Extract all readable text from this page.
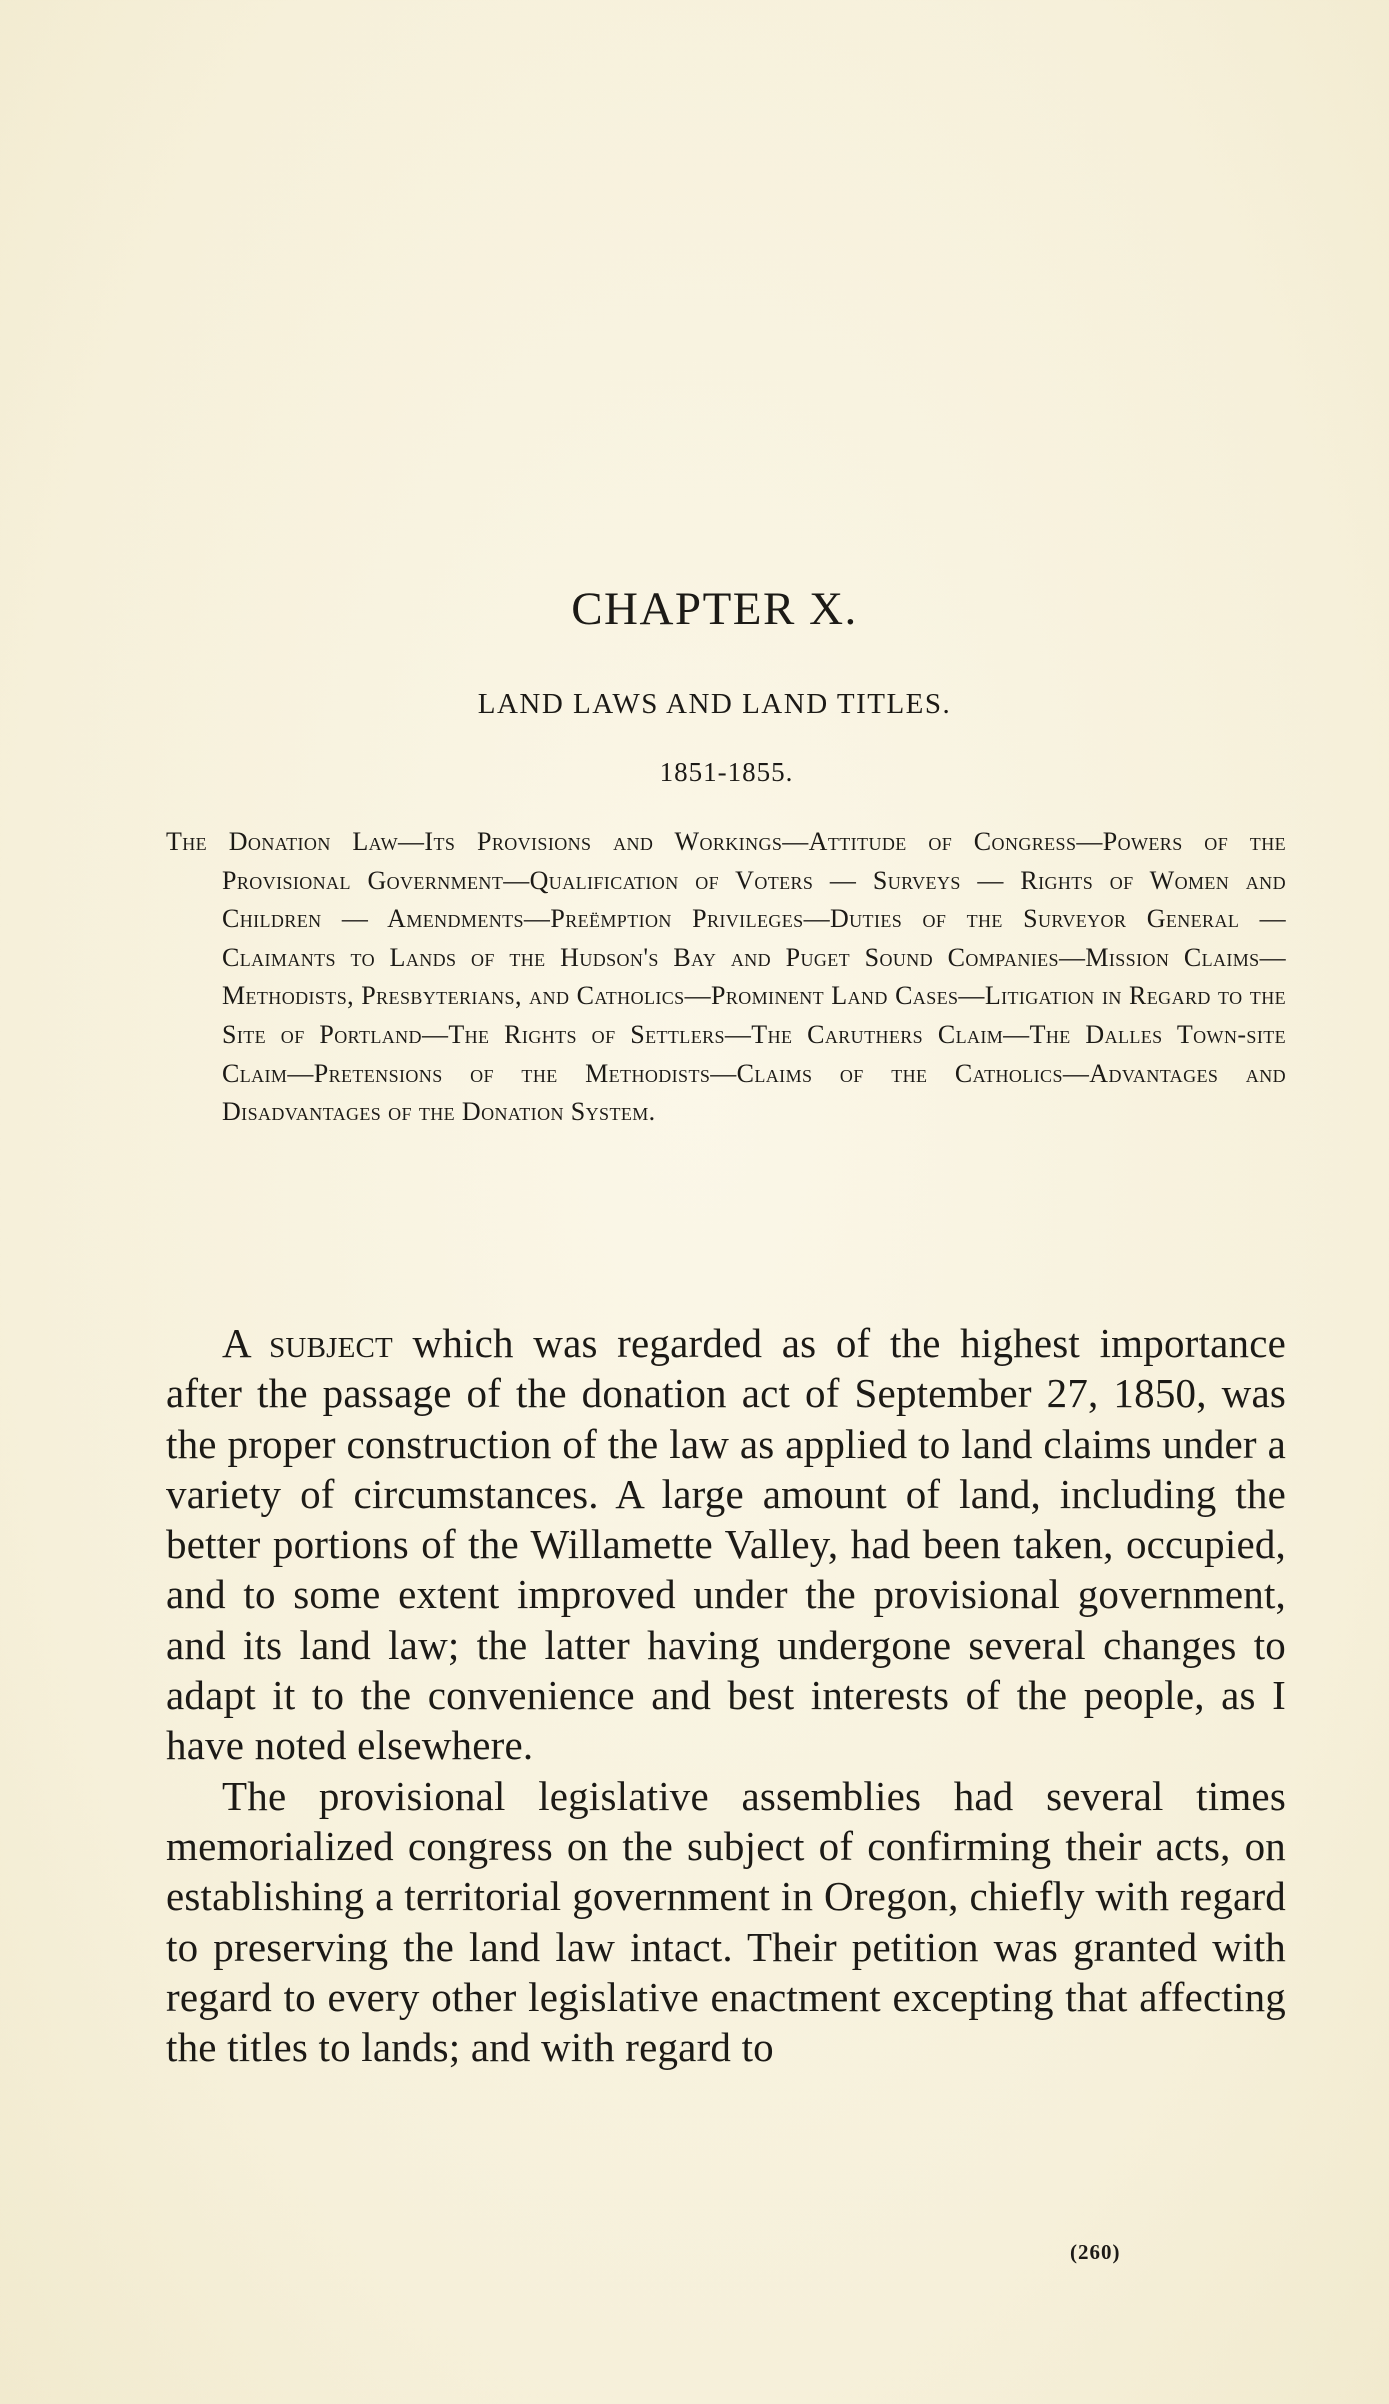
CHAPTER X.
LAND LAWS AND LAND TITLES.
1851-1855.
The Donation Law—Its Provisions and Workings—Attitude of Congress—Powers of the Provisional Government—Qualification of Voters — Surveys — Rights of Women and Children — Amendments—Preëmption Privileges—Duties of the Surveyor General —Claimants to Lands of the Hudson's Bay and Puget Sound Companies—Mission Claims—Methodists, Presbyterians, and Catholics—Prominent Land Cases—Litigation in Regard to the Site of Portland—The Rights of Settlers—The Caruthers Claim—The Dalles Town-site Claim—Pretensions of the Methodists—Claims of the Catholics—Advantages and Disadvantages of the Donation System.

A subject which was regarded as of the highest importance after the passage of the donation act of September 27, 1850, was the proper construction of the law as applied to land claims under a variety of circumstances. A large amount of land, including the better portions of the Willamette Valley, had been taken, occupied, and to some extent improved under the provisional government, and its land law; the latter having undergone several changes to adapt it to the convenience and best interests of the people, as I have noted elsewhere.

The provisional legislative assemblies had several times memorialized congress on the subject of confirming their acts, on establishing a territorial government in Oregon, chiefly with regard to preserving the land law intact. Their petition was granted with regard to every other legislative enactment excepting that affecting the titles to lands; and with regard to

(260)
